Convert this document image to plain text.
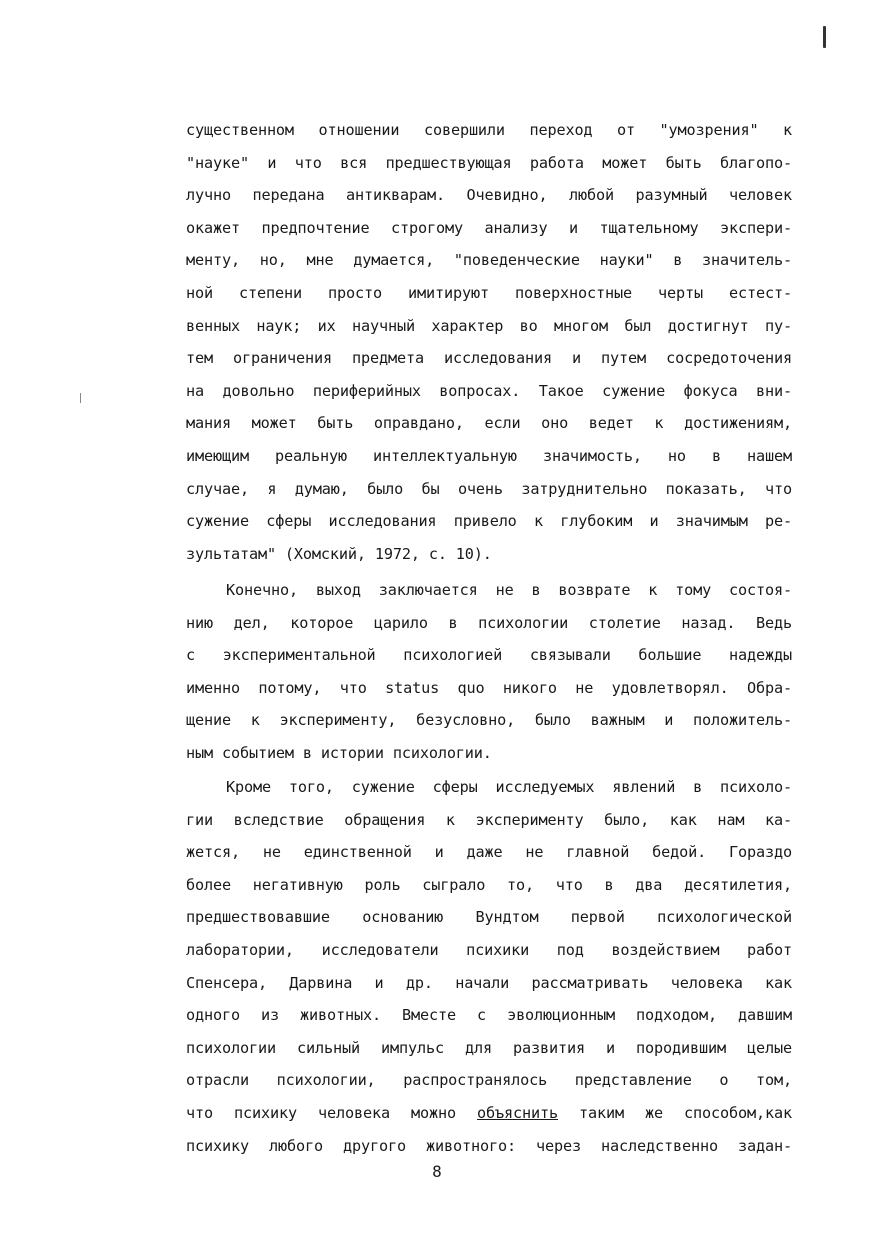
существенном отношении совершили переход от "умозрения" к
"науке" и что вся предшествующая работа может быть благопо-
лучно передана антикварам. Очевидно, любой разумный человек
окажет предпочтение строгому анализу и тщательному экспери-
менту, но, мне думается, "поведенческие науки" в значитель-
ной степени просто имитируют поверхностные черты естест-
венных наук; их научный характер во многом был достигнут пу-
тем ограничения предмета исследования и путем сосредоточения
на довольно периферийных вопросах. Такое сужение фокуса вни-
мания может быть оправдано, если оно ведет к достижениям,
имеющим реальную интеллектуальную значимость, но в нашем
случае, я думаю, было бы очень затруднительно показать, что
сужение сферы исследования привело к глубоким и значимым ре-
зультатам" (Хомский, 1972, с. 10).
Конечно, выход заключается не в возврате к тому состоя-
нию дел, которое царило в психологии столетие назад. Ведь
с экспериментальной психологией связывали большие надежды
именно потому, что status quo никого не удовлетворял. Обра-
щение к эксперименту, безусловно, было важным и положитель-
ным событием в истории психологии.
Кроме того, сужение сферы исследуемых явлений в психоло-
гии вследствие обращения к эксперименту было, как нам ка-
жется, не единственной и даже не главной бедой. Гораздо
более негативную роль сыграло то, что в два десятилетия,
предшествовавшие основанию Вундтом первой психологической
лаборатории, исследователи психики под воздействием работ
Спенсера, Дарвина и др. начали рассматривать человека как
одного из животных. Вместе с эволюционным подходом, давшим
психологии сильный импульс для развития и породившим целые
отрасли психологии, распространялось представление о том,
что психику человека можно объяснить таким же способом,как
психику любого другого животного: через наследственно задан-
8
